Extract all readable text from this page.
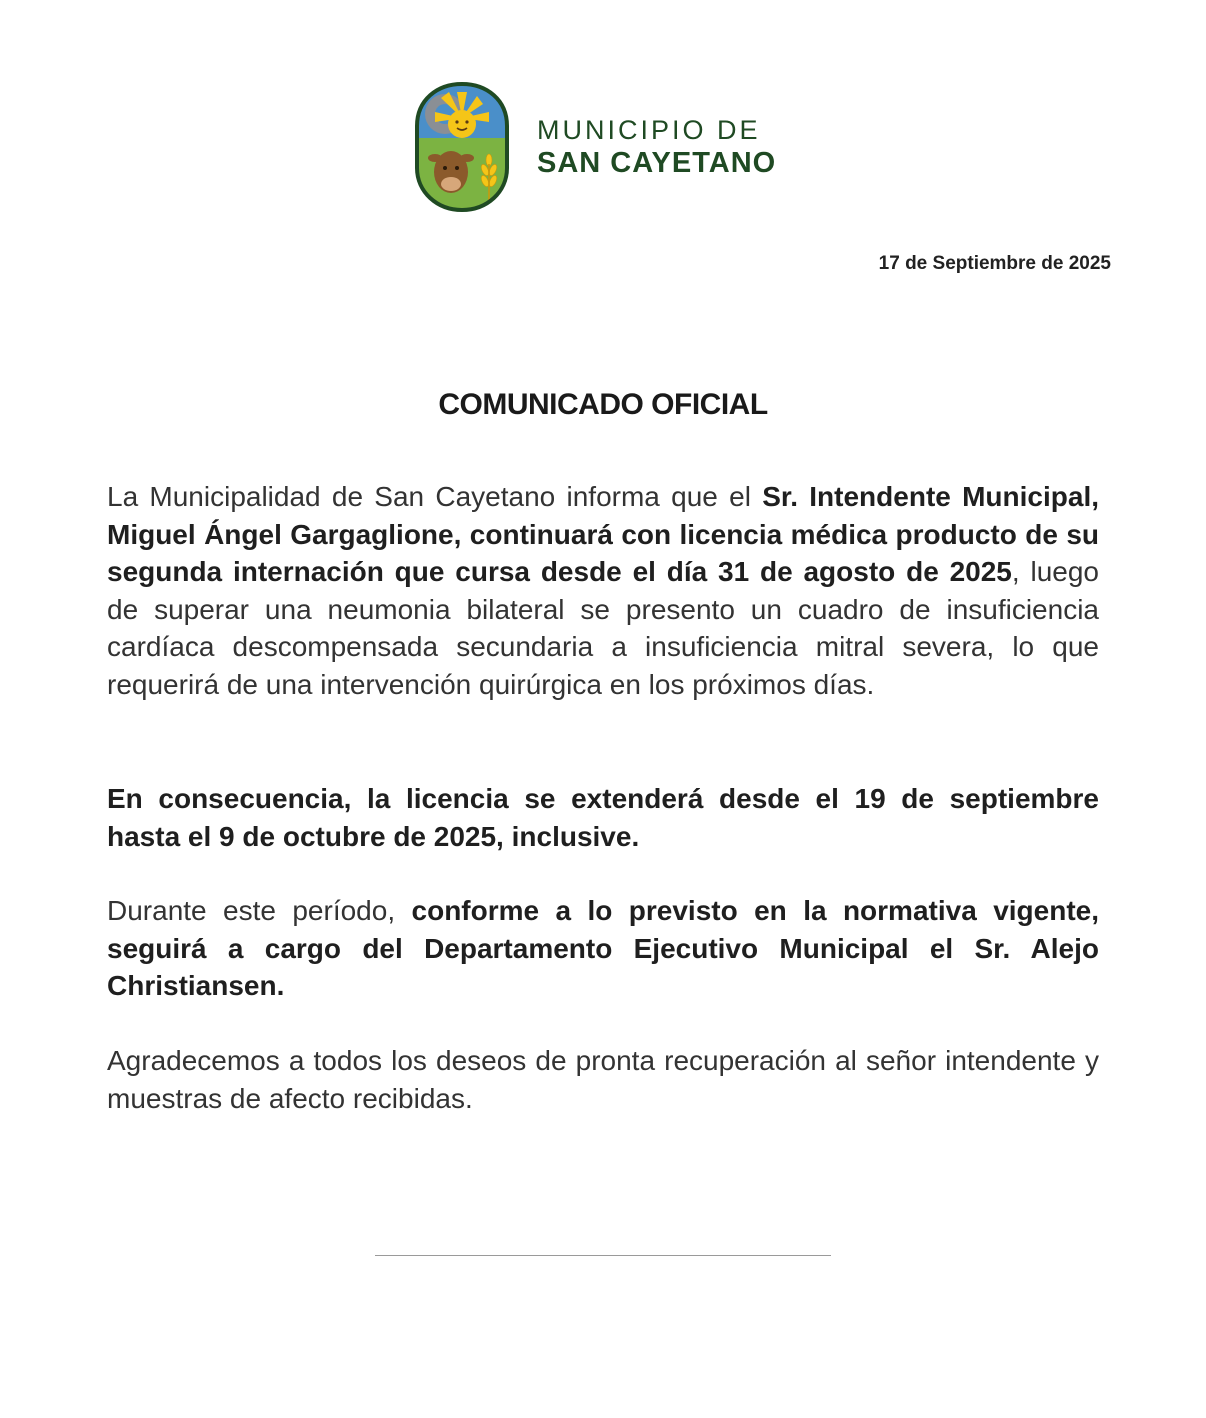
MUNICIPIO DE
SAN CAYETANO
17 de Septiembre de 2025
COMUNICADO OFICIAL
La Municipalidad de San Cayetano informa que el Sr. Intendente Municipal, Miguel Ángel Gargaglione, continuará con licencia médica producto de su segunda internación que cursa desde el día 31 de agosto de 2025, luego de superar una neumonia bilateral se presento un cuadro de insuficiencia cardíaca descompensada secundaria a insuficiencia mitral severa, lo que requerirá de una intervención quirúrgica en los próximos días.
En consecuencia, la licencia se extenderá desde el 19 de septiembre hasta el 9 de octubre de 2025, inclusive.
Durante este período, conforme a lo previsto en la normativa vigente, seguirá a cargo del Departamento Ejecutivo Municipal el Sr. Alejo Christiansen.
Agradecemos a todos los deseos de pronta recuperación al señor intendente y muestras de afecto recibidas.
